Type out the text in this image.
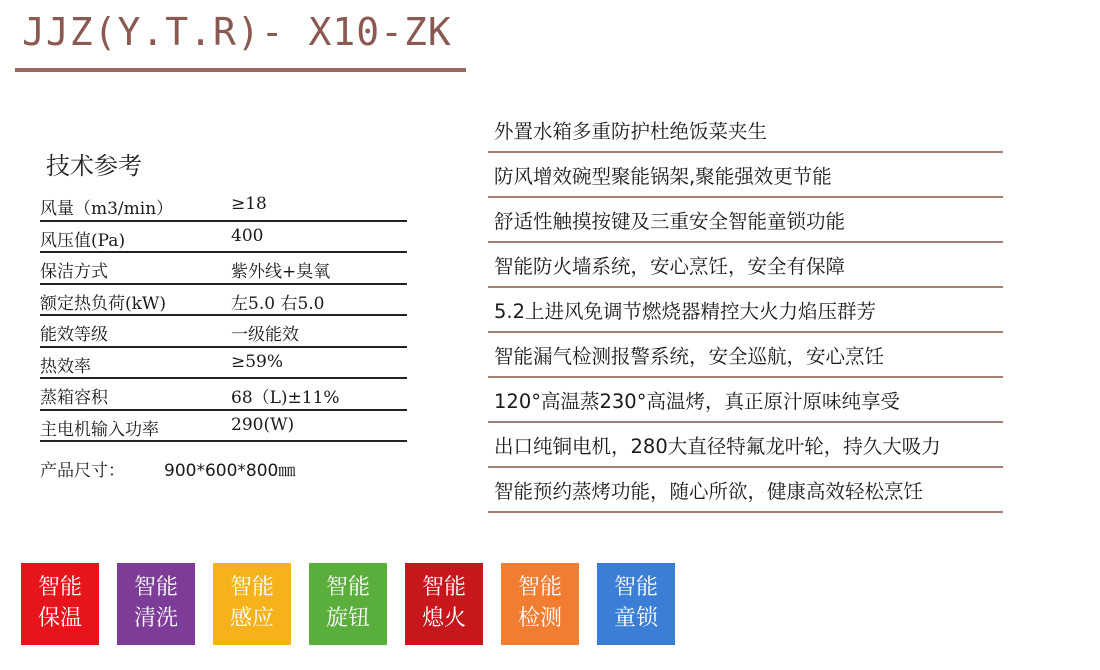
JJZ(Y.T.R)- X10-ZK
技术参考
风量（m3/min）	≥18
风压值(Pa)	400
保洁方式	紫外线+臭氧
额定热负荷(kW)	左5.0 右5.0
能效等级	一级能效
热效率	≥59%
蒸箱容积	68（L)±11%
主电机输入功率	290(W)
产品尺寸： 900*600*800㎜
外置水箱多重防护杜绝饭菜夹生
防风增效碗型聚能锅架,聚能强效更节能
舒适性触摸按键及三重安全智能童锁功能
智能防火墙系统，安心烹饪，安全有保障
5.2上进风免调节燃烧器精控大火力焰压群芳
智能漏气检测报警系统，安全巡航，安心烹饪
120°高温蒸230°高温烤，真正原汁原味纯享受
出口纯铜电机，280大直径特氟龙叶轮，持久大吸力
智能预约蒸烤功能，随心所欲，健康高效轻松烹饪
智能
保温
智能
清洗
智能
感应
智能
旋钮
智能
熄火
智能
检测
智能
童锁
